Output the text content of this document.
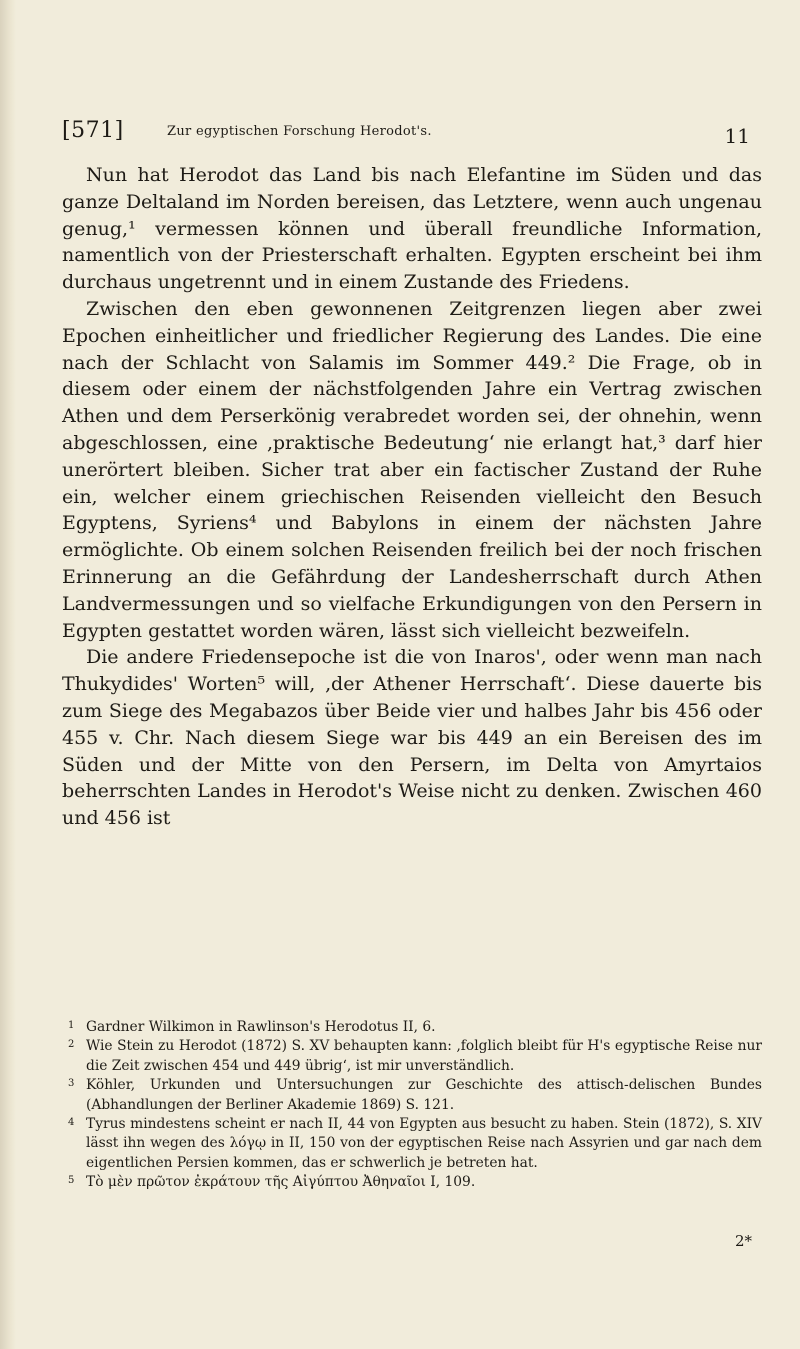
[571]	Zur egyptischen Forschung Herodot's.	11

Nun hat Herodot das Land bis nach Elefantine im Süden und das ganze Deltaland im Norden bereisen, das Letztere, wenn auch ungenau genug,¹ vermessen können und überall freundliche Information, namentlich von der Priesterschaft erhalten. Egypten erscheint bei ihm durchaus ungetrennt und in einem Zustande des Friedens.

Zwischen den eben gewonnenen Zeitgrenzen liegen aber zwei Epochen einheitlicher und friedlicher Regierung des Landes. Die eine nach der Schlacht von Salamis im Sommer 449.² Die Frage, ob in diesem oder einem der nächstfolgenden Jahre ein Vertrag zwischen Athen und dem Perserkönig verabredet worden sei, der ohnehin, wenn abgeschlossen, eine ‚praktische Bedeutung‘ nie erlangt hat,³ darf hier unerörtert bleiben. Sicher trat aber ein factischer Zustand der Ruhe ein, welcher einem griechischen Reisenden vielleicht den Besuch Egyptens, Syriens⁴ und Babylons in einem der nächsten Jahre ermöglichte. Ob einem solchen Reisenden freilich bei der noch frischen Erinnerung an die Gefährdung der Landesherrschaft durch Athen Landvermessungen und so vielfache Erkundigungen von den Persern in Egypten gestattet worden wären, lässt sich vielleicht bezweifeln.

Die andere Friedensepoche ist die von Inaros', oder wenn man nach Thukydides' Worten⁵ will, ‚der Athener Herrschaft‘. Diese dauerte bis zum Siege des Megabazos über Beide vier und halbes Jahr bis 456 oder 455 v. Chr. Nach diesem Siege war bis 449 an ein Bereisen des im Süden und der Mitte von den Persern, im Delta von Amyrtaios beherrschten Landes in Herodot's Weise nicht zu denken. Zwischen 460 und 456 ist

1 Gardner Wilkimon in Rawlinson's Herodotus II, 6.
2 Wie Stein zu Herodot (1872) S. XV behaupten kann: ‚folglich bleibt für H's egyptische Reise nur die Zeit zwischen 454 und 449 übrig‘, ist mir unverständlich.
3 Köhler, Urkunden und Untersuchungen zur Geschichte des attisch-delischen Bundes (Abhandlungen der Berliner Akademie 1869) S. 121.
4 Tyrus mindestens scheint er nach II, 44 von Egypten aus besucht zu haben. Stein (1872), S. XIV lässt ihn wegen des λόγῳ in II, 150 von der egyptischen Reise nach Assyrien und gar nach dem eigentlichen Persien kommen, das er schwerlich je betreten hat.
5 Τὸ μὲν πρῶτον ἐκράτουν τῆς Αἰγύπτου Ἀθηναῖοι I, 109.
2*
